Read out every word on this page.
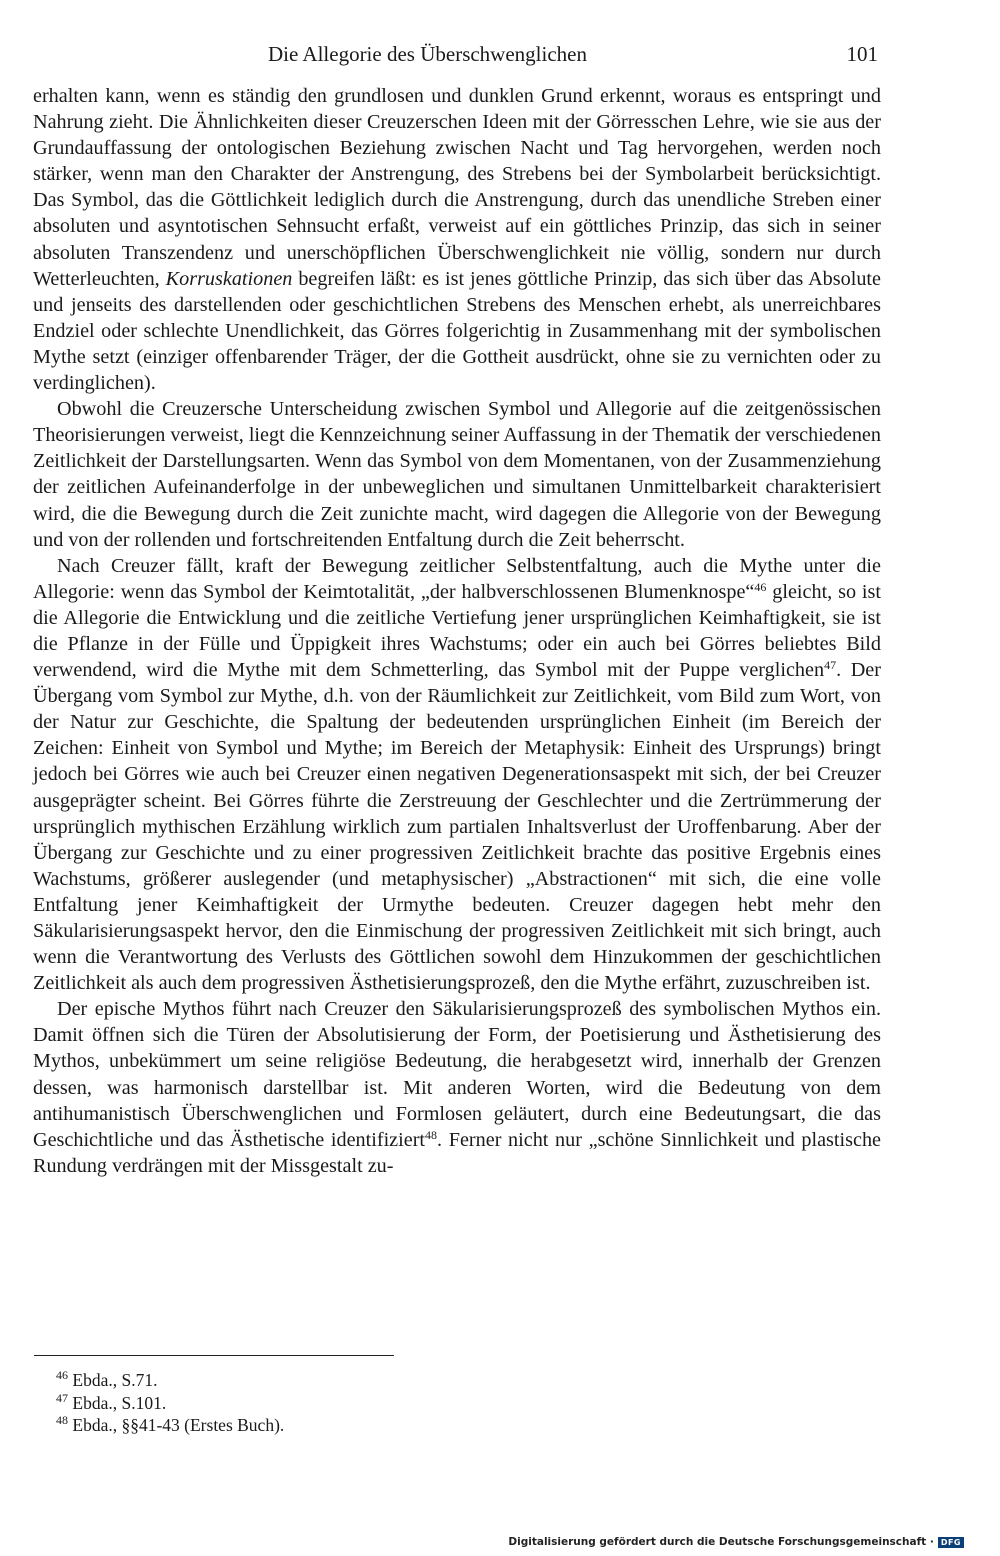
Die Allegorie des Überschwenglichen	101

erhalten kann, wenn es ständig den grundlosen und dunklen Grund erkennt, woraus es entspringt und Nahrung zieht. Die Ähnlichkeiten dieser Creuzerschen Ideen mit der Görresschen Lehre, wie sie aus der Grundauffassung der ontologischen Beziehung zwischen Nacht und Tag hervorgehen, werden noch stärker, wenn man den Charakter der Anstrengung, des Strebens bei der Symbolarbeit berücksichtigt. Das Symbol, das die Göttlichkeit lediglich durch die Anstrengung, durch das unendliche Streben einer absoluten und asyntotischen Sehnsucht erfaßt, verweist auf ein göttliches Prinzip, das sich in seiner absoluten Transzendenz und unerschöpflichen Überschwenglichkeit nie völlig, sondern nur durch Wetterleuchten, Korruskationen begreifen läßt: es ist jenes göttliche Prinzip, das sich über das Absolute und jenseits des darstellenden oder geschichtlichen Strebens des Menschen erhebt, als unerreichbares Endziel oder schlechte Unendlichkeit, das Görres folgerichtig in Zusammenhang mit der symbolischen Mythe setzt (einziger offenbarender Träger, der die Gottheit ausdrückt, ohne sie zu vernichten oder zu verdinglichen).

Obwohl die Creuzersche Unterscheidung zwischen Symbol und Allegorie auf die zeitgenössischen Theorisierungen verweist, liegt die Kennzeichnung seiner Auffassung in der Thematik der verschiedenen Zeitlichkeit der Darstellungsarten. Wenn das Symbol von dem Momentanen, von der Zusammenziehung der zeitlichen Aufeinanderfolge in der unbeweglichen und simultanen Unmittelbarkeit charakterisiert wird, die die Bewegung durch die Zeit zunichte macht, wird dagegen die Allegorie von der Bewegung und von der rollenden und fortschreitenden Entfaltung durch die Zeit beherrscht.

Nach Creuzer fällt, kraft der Bewegung zeitlicher Selbstentfaltung, auch die Mythe unter die Allegorie: wenn das Symbol der Keimtotalität, „der halbverschlossenen Blumenknospe“$^{46}$ gleicht, so ist die Allegorie die Entwicklung und die zeitliche Vertiefung jener ursprünglichen Keimhaftigkeit, sie ist die Pflanze in der Fülle und Üppigkeit ihres Wachstums; oder ein auch bei Görres beliebtes Bild verwendend, wird die Mythe mit dem Schmetterling, das Symbol mit der Puppe verglichen$^{47}$. Der Übergang vom Symbol zur Mythe, d.h. von der Räumlichkeit zur Zeitlichkeit, vom Bild zum Wort, von der Natur zur Geschichte, die Spaltung der bedeutenden ursprünglichen Einheit (im Bereich der Zeichen: Einheit von Symbol und Mythe; im Bereich der Metaphysik: Einheit des Ursprungs) bringt jedoch bei Görres wie auch bei Creuzer einen negativen Degenerationsaspekt mit sich, der bei Creuzer ausgeprägter scheint. Bei Görres führte die Zerstreuung der Geschlechter und die Zertrümmerung der ursprünglich mythischen Erzählung wirklich zum partialen Inhaltsverlust der Uroffenbarung. Aber der Übergang zur Geschichte und zu einer progressiven Zeitlichkeit brachte das positive Ergebnis eines Wachstums, größerer auslegender (und metaphysischer) „Abstractionen“ mit sich, die eine volle Entfaltung jener Keimhaftigkeit der Urmythe bedeuten. Creuzer dagegen hebt mehr den Säkularisierungsaspekt hervor, den die Einmischung der progressiven Zeitlichkeit mit sich bringt, auch wenn die Verantwortung des Verlusts des Göttlichen sowohl dem Hinzukommen der geschichtlichen Zeitlichkeit als auch dem progressiven Ästhetisierungsprozeß, den die Mythe erfährt, zuzuschreiben ist.

Der epische Mythos führt nach Creuzer den Säkularisierungsprozeß des symbolischen Mythos ein. Damit öffnen sich die Türen der Absolutisierung der Form, der Poetisierung und Ästhetisierung des Mythos, unbekümmert um seine religiöse Bedeutung, die herabgesetzt wird, innerhalb der Grenzen dessen, was harmonisch darstellbar ist. Mit anderen Worten, wird die Bedeutung von dem antihumanistisch Überschwenglichen und Formlosen geläutert, durch eine Bedeutungsart, die das Geschichtliche und das Ästhetische identifiziert$^{48}$. Ferner nicht nur „schöne Sinnlichkeit und plastische Rundung verdrängen mit der Missgestalt zu-

$^{46}$ Ebda., S.71.
$^{47}$ Ebda., S.101.
$^{48}$ Ebda., §§41-43 (Erstes Buch).
Digitalisierung gefördert durch die Deutsche Forschungsgemeinschaft · DFG
